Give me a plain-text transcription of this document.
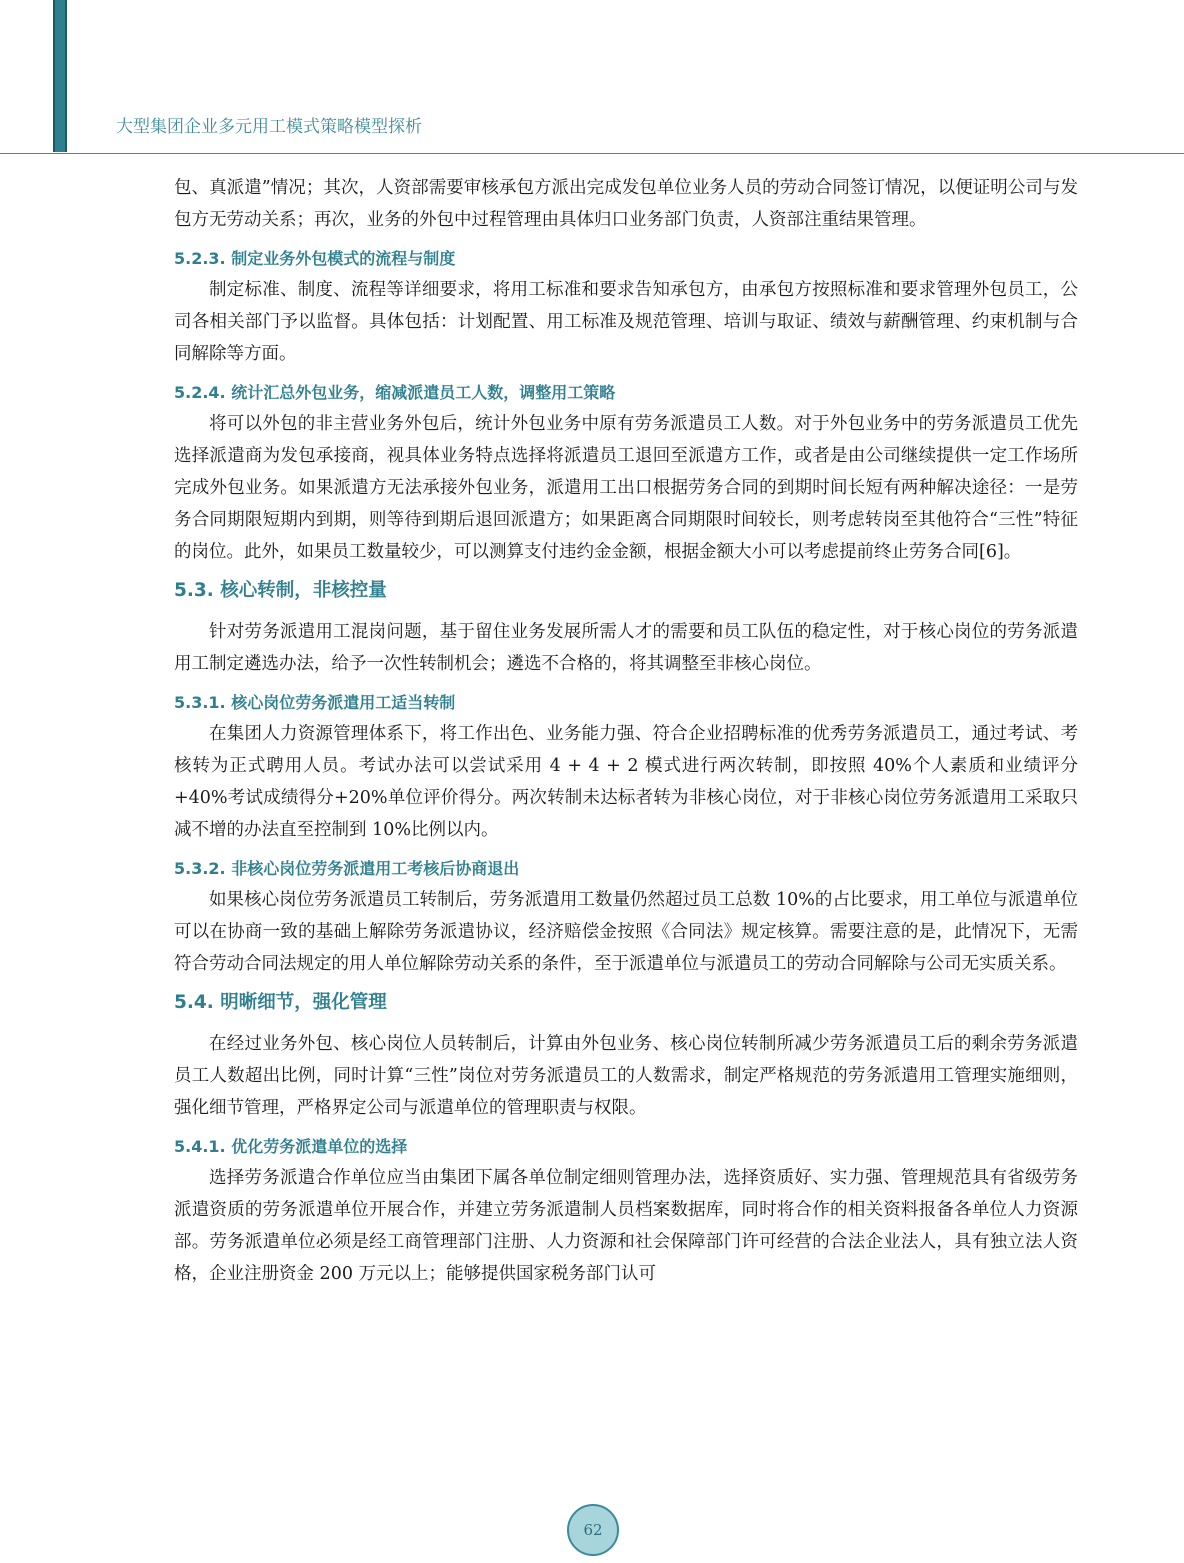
大型集团企业多元用工模式策略模型探析

包、真派遣”情况；其次，人资部需要审核承包方派出完成发包单位业务人员的劳动合同签订情况，以便证明公司与发包方无劳动关系；再次，业务的外包中过程管理由具体归口业务部门负责，人资部注重结果管理。

5.2.3. 制定业务外包模式的流程与制度

制定标准、制度、流程等详细要求，将用工标准和要求告知承包方，由承包方按照标准和要求管理外包员工，公司各相关部门予以监督。具体包括：计划配置、用工标准及规范管理、培训与取证、绩效与薪酬管理、约束机制与合同解除等方面。

5.2.4. 统计汇总外包业务，缩减派遣员工人数，调整用工策略

将可以外包的非主营业务外包后，统计外包业务中原有劳务派遣员工人数。对于外包业务中的劳务派遣员工优先选择派遣商为发包承接商，视具体业务特点选择将派遣员工退回至派遣方工作，或者是由公司继续提供一定工作场所完成外包业务。如果派遣方无法承接外包业务，派遣用工出口根据劳务合同的到期时间长短有两种解决途径：一是劳务合同期限短期内到期，则等待到期后退回派遣方；如果距离合同期限时间较长，则考虑转岗至其他符合“三性”特征的岗位。此外，如果员工数量较少，可以测算支付违约金金额，根据金额大小可以考虑提前终止劳务合同[6]。

5.3. 核心转制，非核控量

针对劳务派遣用工混岗问题，基于留住业务发展所需人才的需要和员工队伍的稳定性，对于核心岗位的劳务派遣用工制定遴选办法，给予一次性转制机会；遴选不合格的，将其调整至非核心岗位。

5.3.1. 核心岗位劳务派遣用工适当转制

在集团人力资源管理体系下，将工作出色、业务能力强、符合企业招聘标准的优秀劳务派遣员工，通过考试、考核转为正式聘用人员。考试办法可以尝试采用 4 + 4 + 2 模式进行两次转制，即按照 40%个人素质和业绩评分+40%考试成绩得分+20%单位评价得分。两次转制未达标者转为非核心岗位，对于非核心岗位劳务派遣用工采取只减不增的办法直至控制到 10%比例以内。

5.3.2. 非核心岗位劳务派遣用工考核后协商退出

如果核心岗位劳务派遣员工转制后，劳务派遣用工数量仍然超过员工总数 10%的占比要求，用工单位与派遣单位可以在协商一致的基础上解除劳务派遣协议，经济赔偿金按照《合同法》规定核算。需要注意的是，此情况下，无需符合劳动合同法规定的用人单位解除劳动关系的条件，至于派遣单位与派遣员工的劳动合同解除与公司无实质关系。

5.4. 明晰细节，强化管理

在经过业务外包、核心岗位人员转制后，计算由外包业务、核心岗位转制所减少劳务派遣员工后的剩余劳务派遣员工人数超出比例，同时计算“三性”岗位对劳务派遣员工的人数需求，制定严格规范的劳务派遣用工管理实施细则，强化细节管理，严格界定公司与派遣单位的管理职责与权限。

5.4.1. 优化劳务派遣单位的选择

选择劳务派遣合作单位应当由集团下属各单位制定细则管理办法，选择资质好、实力强、管理规范具有省级劳务派遣资质的劳务派遣单位开展合作，并建立劳务派遣制人员档案数据库，同时将合作的相关资料报备各单位人力资源部。劳务派遣单位必须是经工商管理部门注册、人力资源和社会保障部门许可经营的合法企业法人，具有独立法人资格，企业注册资金 200 万元以上；能够提供国家税务部门认可

62
